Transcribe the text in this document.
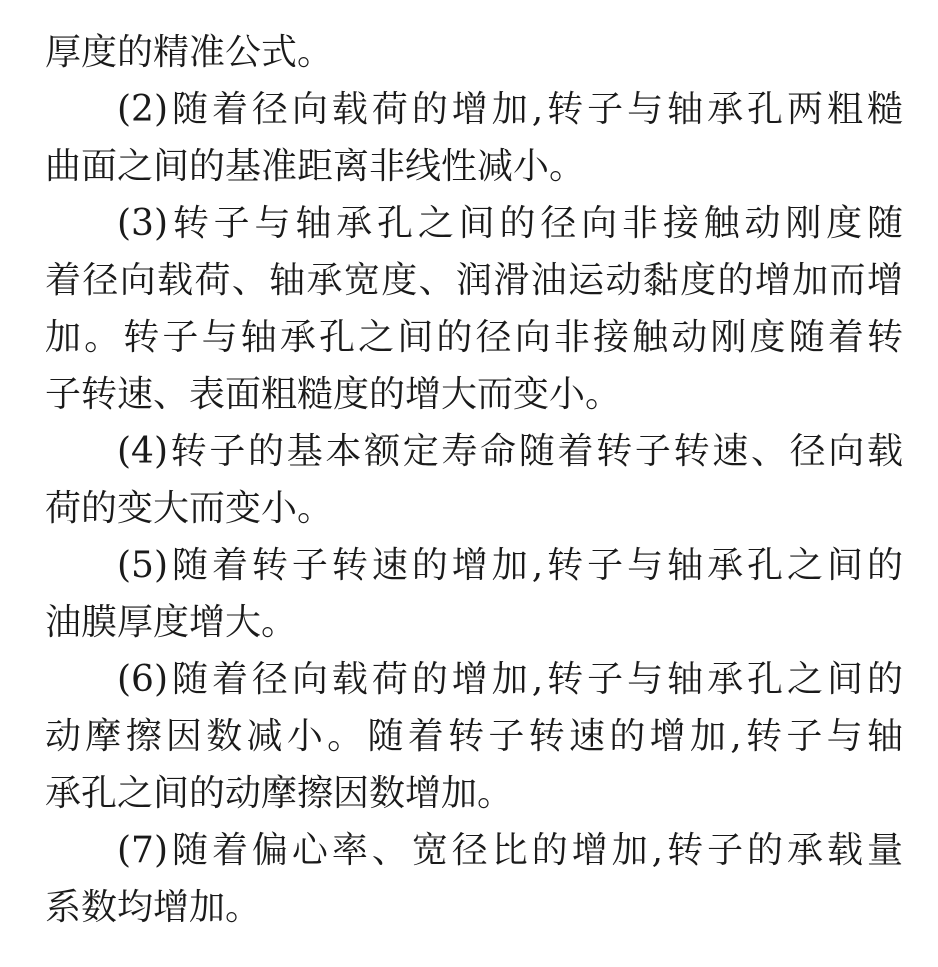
厚度的精准公式。
(2)随着径向载荷的增加,转子与轴承孔两粗糙
曲面之间的基准距离非线性减小。
(3)转子与轴承孔之间的径向非接触动刚度随
着径向载荷、轴承宽度、润滑油运动黏度的增加而增
加。转子与轴承孔之间的径向非接触动刚度随着转
子转速、表面粗糙度的增大而变小。
(4)转子的基本额定寿命随着转子转速、径向载
荷的变大而变小。
(5)随着转子转速的增加,转子与轴承孔之间的
油膜厚度增大。
(6)随着径向载荷的增加,转子与轴承孔之间的
动摩擦因数减小。随着转子转速的增加,转子与轴
承孔之间的动摩擦因数增加。
(7)随着偏心率、宽径比的增加,转子的承载量
系数均增加。
